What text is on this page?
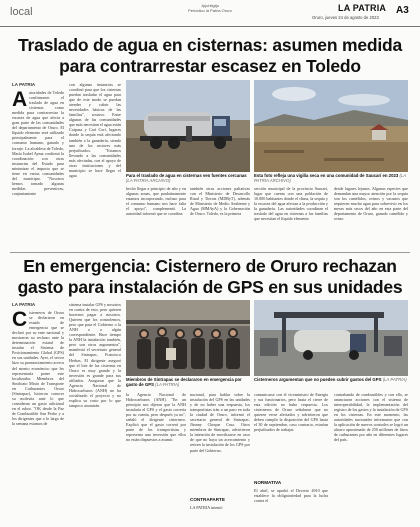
local
Jpjuhtigtjo
Periódico la Patria Oruro	LA PATRIA
Oruro, jueves 24 de agosto de 2023
A3
Traslado de agua en cisternas: asumen medida
para contrarrestar escasez en Toledo
LA PATRIA
Autoridades de Toledo confirmaron el traslado de agua en cisternas como medida para contrarrestar la escasez de agua que afecta a gran parte de las comunidades del departamento de Oruro. El líquido elemento será utilizado principalmente para el consumo humano, ganado y forraje. La alcaldesa de Toledo, María Isabel Ayma confirmó la coordinación con otras instancias del Estado para minimizar el impacto que se tiene en varias comunidades del municipio. "Nosotros hemos tomado algunas medidas preventivas, conjuntamente
con algunas instancias se coordinó para que los cisternas puedan trasladar el agua para que de este modo se puedan atender y cubrir las necesidades básicas de las familias", sostuvo. Entre algunas de las comunidades que más necesitan el agua están Coipasa y Carí Corí, lugares donde la sequía está afectando también a la ganadería, siendo uno de los sectores más perjudicados. "Estamos llevando a las comunidades más afectadas, con el apoyo de otras instituciones y del municipio se hace llegar el agua	Para el traslado de agua en cisternas ven fuentes cercanas (LA PATRIA ARCHIVO)
hecho llegar a principio de año y en algunas zonas, que paulatinamente estamos incorporando, incluso para el consumo humano nos hace falta el apoyo", complementó. La autoridad informó que se coordina
también otras acciones paliativas con el Ministerio de Desarrollo Rural y Tierras (MDRyT), además de Ministerio de Medio Ambiente y Agua (MMAyA) y la Gobernación de Oruro. Toledo, es la primera
Esta foto refleja una vigilia seca en una comunidad de Saucarí en 2023 (LA PATRIA ARCHIVO)
sección municipal de la provincia Saucarí, lugar que cuenta con una población de 10.000 habitantes donde el clima, la sequía y la escasez del agua afectan a la producción y la ganadería. Las autoridades coordinan el traslado del agua en cisternas a las familias que necesitan el líquido elemento
desde lugares lejanos. Algunas especies que demandan una mayor atención por la sequía son los camélidos, ovinos y vacunos que requieren mucha agua para sobrevivir en los meses más secos del año en esta parte del departamento de Oruro, ganado camélido y ovino.
En emergencia: Cisternero de Oruro rechazan
gasto para instalación de GPS en sus unidades
LA PATRIA
Cisterneros de Oruro se declararon en estado de emergencia que se declaró por su ente nacional y mostraron su rechazo ante la determinación estatal de instalar el Sistema de Posicionamiento Global (GPS) en sus unidades. Ayer, el sector hizo su pronunciamiento acerca del monto económico que les representaría poner este localizador. Miembros del Sindicato Mixto de Transporte en Carburantes Oruro (Sintrapac), hicieron conocer su molestia ante lo que consideran un gasto adicional en el rubro. "OK desde la Paz de Combustible San Pedro y a los dirigentes que a lo largo de la semana estamos de
sistema instalar GPS y nosotros en contra de esto, pero quieren hacernos pagar a nosotros. Quieren que los controlemos, pero que para el Gobierno o la ANH o a algún correspondiente. Hace tiempo la ANH la instalación también, pero son otros argumentos", manifestó el secretario general del Sintrapac, Francisco Herbas. El dirigente aseguró que el lote de las cisternas en Oruro es muy grande y la inversión es grande para sus afiliados. Aseguran que la Agencia Nacional de Hidrocarburos (ANH) no ha socializado el proyecto y no explica su costo por lo que tampoco asumirán.
Miembros de Sintrapac se declararon en emergencia por gasto de GPS (LA PATRIA)
la Agencia Nacional de Hidrocarburos (ANH). "En un principio nos dijeron que la ANH instalaría el GPS y el gasto correría por su cuenta, pero después ya no", señaló el dirigente cisternero. Explicó que el gasto correrá por parte de los transportistas y representa una inversión que ellos no están dispuestos a asumir.
nacional, para hablar sobre la instalación del GPS en las unidades y de no haber una respuesta, los transportistas irán a un paro en toda la ciudad de Oruro, informó el secretario general de Sintrapac, Jhonny Choque Cruz. Otros miembros de Sintrapac, advirtieron la intención de movilizarse en caso de que no haya un acercamiento y retiren la instalación de los GPS por parte del Gobierno.
CONTRAPARTE
LA PATRIA intentó
Cisterneros argumentan que no pueden cubrir gastos del GPS (LA PATRIA)
comunicarse con el viceministro de Energía y sus funcionarios, pero hasta el cierre de esta edición no hubo respuesta. Los cisterneros de Oruro señalaron que no quieren verse afectados y advirtieron que deben cumplir la disposición del GPS hasta el 30 de septiembre, caso contrario, estarían perjudicados de trabajar.
NORMATIVA
El abril, se aprobó el Decreto 4910 que establece la obligatoriedad para la lucha contra el
contrabando de combustibles y con ello, se anunciaron acciones con el sistema de interoperabilidad, la implementación del registro de los gastos y la instalación de GPS en los cisternas. En este momento, las autoridades nacionales informaron que con la aplicación de nuevos controles se logró un ahorro aproximado de 250 millones de litros de carburantes por año en diferentes lugares del país.
